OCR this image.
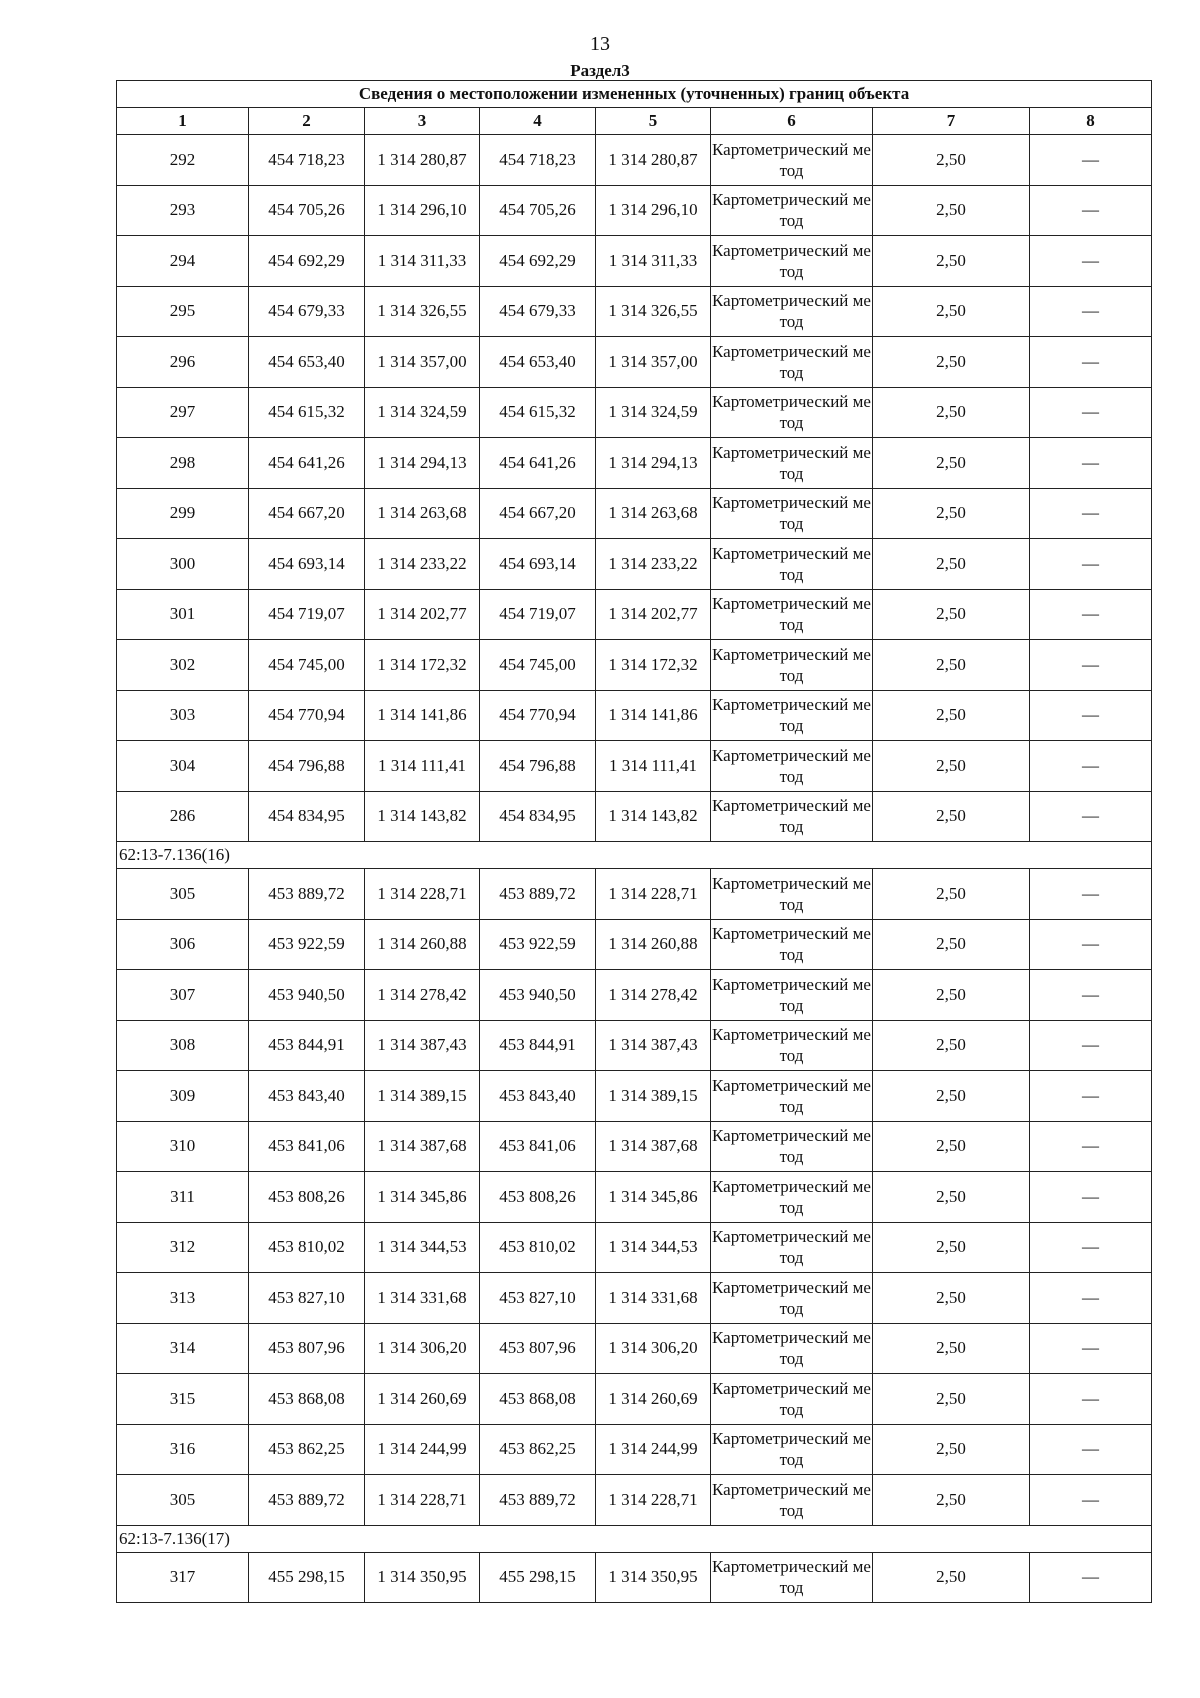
13
Раздел3
Сведения о местоположении измененных (уточненных) границ объекта							
1	2	3	4	5	6	7	8
292	454 718,23	1 314 280,87	454 718,23	1 314 280,87	Картометрический метод	2,50	—
293	454 705,26	1 314 296,10	454 705,26	1 314 296,10	Картометрический метод	2,50	—
294	454 692,29	1 314 311,33	454 692,29	1 314 311,33	Картометрический метод	2,50	—
295	454 679,33	1 314 326,55	454 679,33	1 314 326,55	Картометрический метод	2,50	—
296	454 653,40	1 314 357,00	454 653,40	1 314 357,00	Картометрический метод	2,50	—
297	454 615,32	1 314 324,59	454 615,32	1 314 324,59	Картометрический метод	2,50	—
298	454 641,26	1 314 294,13	454 641,26	1 314 294,13	Картометрический метод	2,50	—
299	454 667,20	1 314 263,68	454 667,20	1 314 263,68	Картометрический метод	2,50	—
300	454 693,14	1 314 233,22	454 693,14	1 314 233,22	Картометрический метод	2,50	—
301	454 719,07	1 314 202,77	454 719,07	1 314 202,77	Картометрический метод	2,50	—
302	454 745,00	1 314 172,32	454 745,00	1 314 172,32	Картометрический метод	2,50	—
303	454 770,94	1 314 141,86	454 770,94	1 314 141,86	Картометрический метод	2,50	—
304	454 796,88	1 314 111,41	454 796,88	1 314 111,41	Картометрический метод	2,50	—
286	454 834,95	1 314 143,82	454 834,95	1 314 143,82	Картометрический метод	2,50	—
62:13-7.136(16)							
305	453 889,72	1 314 228,71	453 889,72	1 314 228,71	Картометрический метод	2,50	—
306	453 922,59	1 314 260,88	453 922,59	1 314 260,88	Картометрический метод	2,50	—
307	453 940,50	1 314 278,42	453 940,50	1 314 278,42	Картометрический метод	2,50	—
308	453 844,91	1 314 387,43	453 844,91	1 314 387,43	Картометрический метод	2,50	—
309	453 843,40	1 314 389,15	453 843,40	1 314 389,15	Картометрический метод	2,50	—
310	453 841,06	1 314 387,68	453 841,06	1 314 387,68	Картометрический метод	2,50	—
311	453 808,26	1 314 345,86	453 808,26	1 314 345,86	Картометрический метод	2,50	—
312	453 810,02	1 314 344,53	453 810,02	1 314 344,53	Картометрический метод	2,50	—
313	453 827,10	1 314 331,68	453 827,10	1 314 331,68	Картометрический метод	2,50	—
314	453 807,96	1 314 306,20	453 807,96	1 314 306,20	Картометрический метод	2,50	—
315	453 868,08	1 314 260,69	453 868,08	1 314 260,69	Картометрический метод	2,50	—
316	453 862,25	1 314 244,99	453 862,25	1 314 244,99	Картометрический метод	2,50	—
305	453 889,72	1 314 228,71	453 889,72	1 314 228,71	Картометрический метод	2,50	—
62:13-7.136(17)							
317	455 298,15	1 314 350,95	455 298,15	1 314 350,95	Картометрический метод	2,50	—
